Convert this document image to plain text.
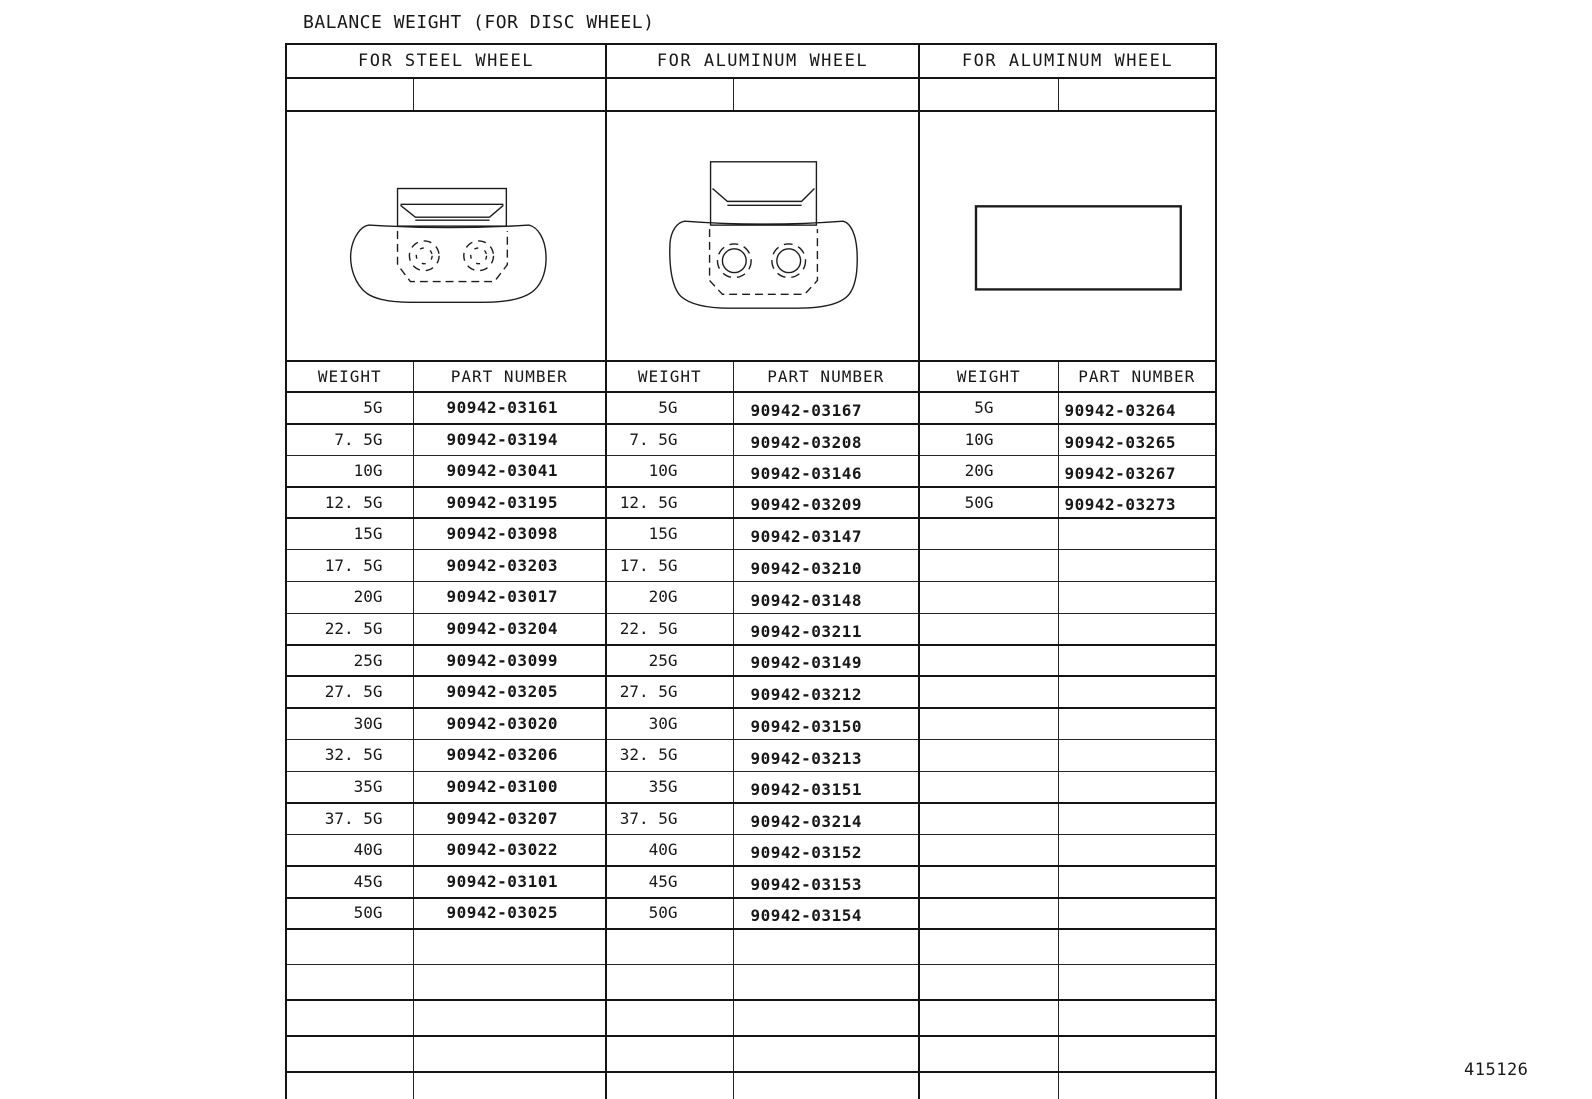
BALANCE WEIGHT (FOR DISC WHEEL)
FOR STEEL WHEEL		FOR ALUMINUM WHEEL		FOR ALUMINUM WHEEL	

WEIGHT	PART NUMBER	WEIGHT	PART NUMBER	WEIGHT	PART NUMBER
5G	90942-03161	5G	90942-03167	5G	90942-03264
7. 5G	90942-03194	7. 5G	90942-03208	10G	90942-03265
10G	90942-03041	10G	90942-03146	20G	90942-03267
12. 5G	90942-03195	12. 5G	90942-03209	50G	90942-03273
15G	90942-03098	15G	90942-03147		
17. 5G	90942-03203	17. 5G	90942-03210		
20G	90942-03017	20G	90942-03148		
22. 5G	90942-03204	22. 5G	90942-03211		
25G	90942-03099	25G	90942-03149		
27. 5G	90942-03205	27. 5G	90942-03212		
30G	90942-03020	30G	90942-03150		
32. 5G	90942-03206	32. 5G	90942-03213		
35G	90942-03100	35G	90942-03151		
37. 5G	90942-03207	37. 5G	90942-03214		
40G	90942-03022	40G	90942-03152		
45G	90942-03101	45G	90942-03153		
50G	90942-03025	50G	90942-03154		

415126
